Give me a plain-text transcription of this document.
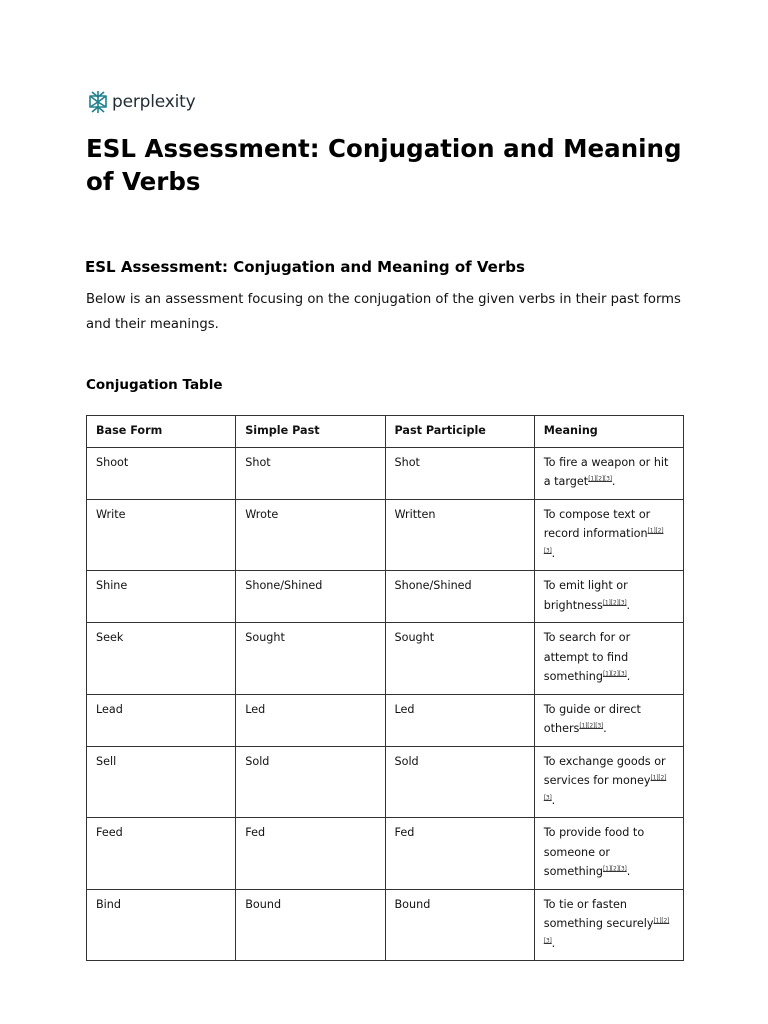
perplexity
ESL Assessment: Conjugation and Meaning of Verbs
ESL Assessment: Conjugation and Meaning of Verbs

Below is an assessment focusing on the conjugation of the given verbs in their past forms and their meanings.

Conjugation Table
Base Form	Simple Past	Past Participle	Meaning
Shoot	Shot	Shot	To fire a weapon or hit a target[1][2][3].
Write	Wrote	Written	To compose text or record information[1][2][3].
Shine	Shone/Shined	Shone/Shined	To emit light or brightness[1][2][3].
Seek	Sought	Sought	To search for or attempt to find something[1][2][3].
Lead	Led	Led	To guide or direct others[1][2][3].
Sell	Sold	Sold	To exchange goods or services for money[1][2][3].
Feed	Fed	Fed	To provide food to someone or something[1][2][3].
Bind	Bound	Bound	To tie or fasten something securely[1][2][3].
